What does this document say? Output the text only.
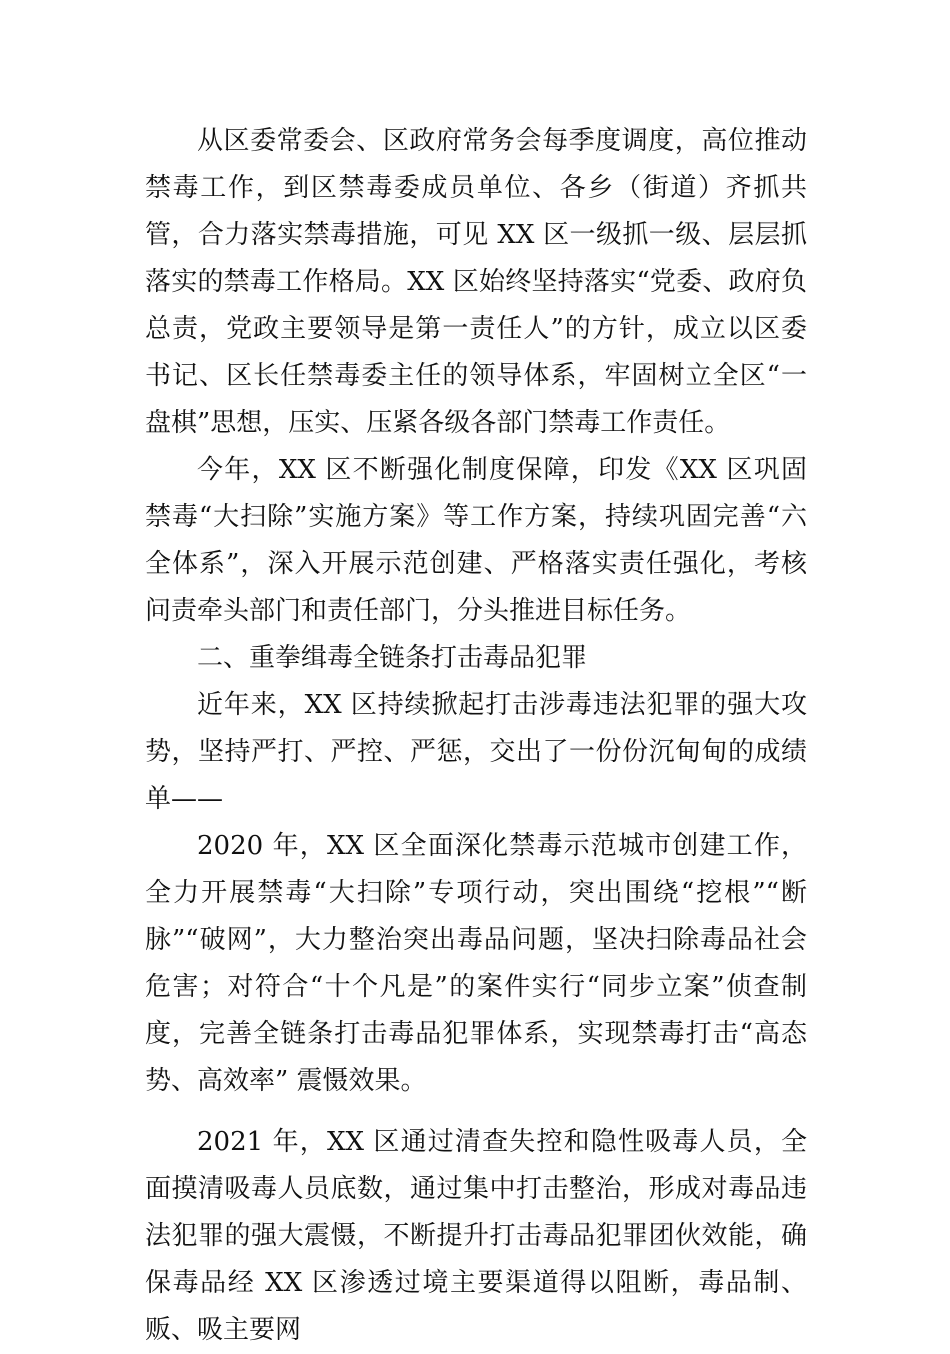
从区委常委会、区政府常务会每季度调度，高位推动禁毒工作，到区禁毒委成员单位、各乡（街道）齐抓共管，合力落实禁毒措施，可见 XX 区一级抓一级、层层抓落实的禁毒工作格局。XX 区始终坚持落实“党委、政府负总责，党政主要领导是第一责任人”的方针，成立以区委书记、区长任禁毒委主任的领导体系，牢固树立全区“一盘棋”思想，压实、压紧各级各部门禁毒工作责任。

今年，XX 区不断强化制度保障，印发《XX 区巩固禁毒“大扫除”实施方案》等工作方案，持续巩固完善“六全体系”，深入开展示范创建、严格落实责任强化，考核问责牵头部门和责任部门，分头推进目标任务。

二、重拳缉毒全链条打击毒品犯罪

近年来，XX 区持续掀起打击涉毒违法犯罪的强大攻势，坚持严打、严控、严惩，交出了一份份沉甸甸的成绩单——

2020 年，XX 区全面深化禁毒示范城市创建工作，全力开展禁毒“大扫除”专项行动，突出围绕“挖根”“断脉”“破网”，大力整治突出毒品问题，坚决扫除毒品社会危害；对符合“十个凡是”的案件实行“同步立案”侦查制度，完善全链条打击毒品犯罪体系，实现禁毒打击“高态势、高效率” 震慑效果。

2021 年，XX 区通过清查失控和隐性吸毒人员，全面摸清吸毒人员底数，通过集中打击整治，形成对毒品违法犯罪的强大震慑，不断提升打击毒品犯罪团伙效能，确保毒品经 XX 区渗透过境主要渠道得以阻断，毒品制、贩、吸主要网
